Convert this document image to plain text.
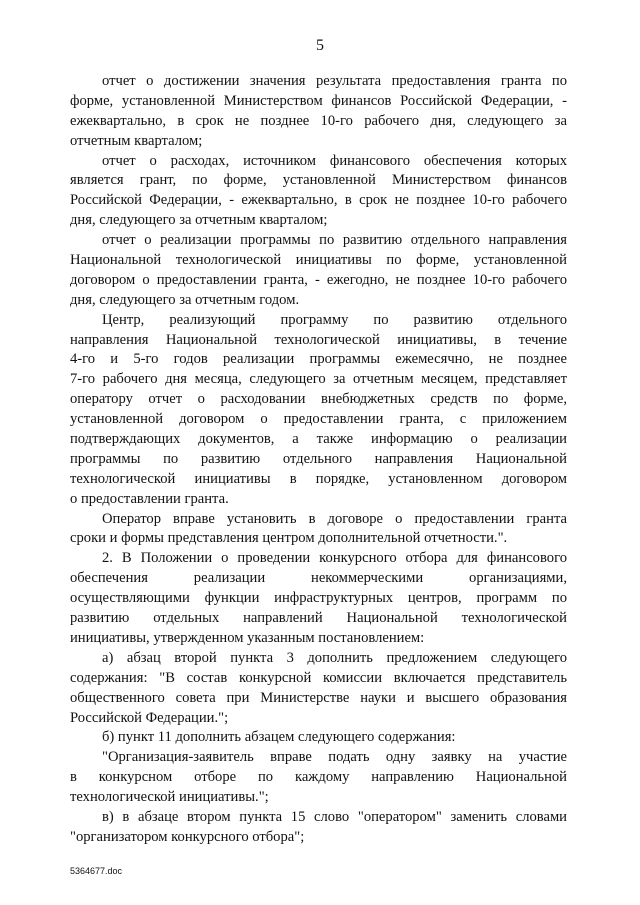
5
отчет о достижении значения результата предоставления гранта по
форме, установленной Министерством финансов Российской Федерации, -
ежеквартально, в срок не позднее 10-го рабочего дня, следующего за
отчетным кварталом;
отчет о расходах, источником финансового обеспечения которых
является грант, по форме, установленной Министерством финансов
Российской Федерации, - ежеквартально, в срок не позднее 10-го рабочего
дня, следующего за отчетным кварталом;
отчет о реализации программы по развитию отдельного направления
Национальной технологической инициативы по форме, установленной
договором о предоставлении гранта, - ежегодно, не позднее 10-го рабочего
дня, следующего за отчетным годом.
Центр, реализующий программу по развитию отдельного
направления Национальной технологической инициативы, в течение
4-го и 5-го годов реализации программы ежемесячно, не позднее
7-го рабочего дня месяца, следующего за отчетным месяцем, представляет
оператору отчет о расходовании внебюджетных средств по форме,
установленной договором о предоставлении гранта, с приложением
подтверждающих документов, а также информацию о реализации
программы по развитию отдельного направления Национальной
технологической инициативы в порядке, установленном договором
о предоставлении гранта.
Оператор вправе установить в договоре о предоставлении гранта
сроки и формы представления центром дополнительной отчетности.".
2. В Положении о проведении конкурсного отбора для финансового
обеспечения реализации некоммерческими организациями,
осуществляющими функции инфраструктурных центров, программ по
развитию отдельных направлений Национальной технологической
инициативы, утвержденном указанным постановлением:
а) абзац второй пункта 3 дополнить предложением следующего
содержания: "В состав конкурсной комиссии включается представитель
общественного совета при Министерстве науки и высшего образования
Российской Федерации.";
б) пункт 11 дополнить абзацем следующего содержания:
"Организация-заявитель вправе подать одну заявку на участие
в конкурсном отборе по каждому направлению Национальной
технологической инициативы.";
в) в абзаце втором пункта 15 слово "оператором" заменить словами
"организатором конкурсного отбора";
5364677.doc
